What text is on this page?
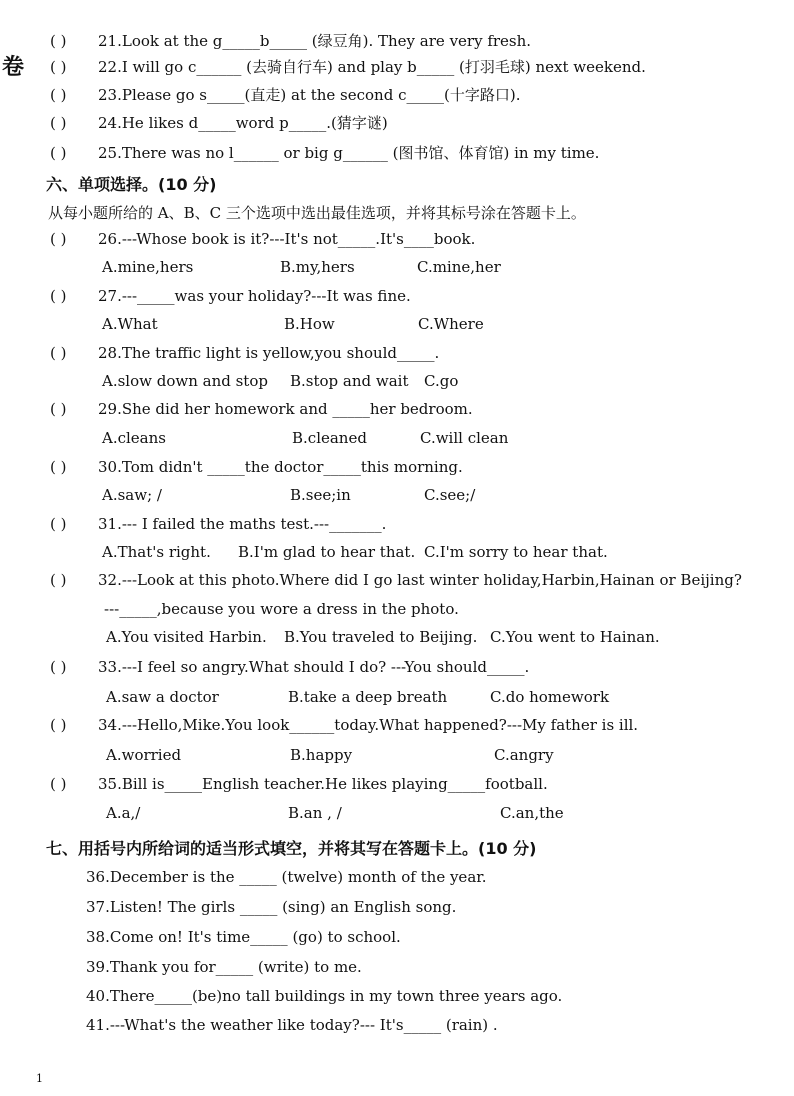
卷
( ) 21.Look at the g_____b_____ (绿豆角). They are very fresh.
( ) 22.I will go c______ (去骑自行车) and play b_____ (打羽毛球) next weekend.
( ) 23.Please go s_____(直走) at the second c_____(十字路口).
( ) 24.He likes d_____word p_____.(猜字谜)
( ) 25.There was no l______ or big g______ (图书馆、体育馆) in my time.
六、单项选择。(10 分)
从每小题所给的 A、B、C 三个选项中选出最佳选项，并将其标号涂在答题卡上。
( ) 26.---Whose book is it?---It's not_____.It's____book.
A.mine,hers	B.my,hers	C.mine,her
( ) 27.---_____was your holiday?---It was fine.
A.What	B.How	C.Where
( ) 28.The traffic light is yellow,you should_____.
A.slow down and stop B.stop and wait C.go
( ) 29.She did her homework and _____her bedroom.
A.cleans	B.cleaned	C.will clean
( ) 30.Tom didn't _____the doctor_____this morning.
A.saw; /	B.see;in	C.see;/
( ) 31.--- I failed the maths test.---_______.
A.That's right. B.I'm glad to hear that. C.I'm sorry to hear that.
( ) 32.---Look at this photo.Where did I go last winter holiday,Harbin,Hainan or Beijing?
---_____,because you wore a dress in the photo.
A.You visited Harbin. B.You traveled to Beijing. C.You went to Hainan.
( ) 33.---I feel so angry.What should I do? ---You should_____.
A.saw a doctor	B.take a deep breath	C.do homework
( ) 34.---Hello,Mike.You look______today.What happened?---My father is ill.
A.worried	B.happy	C.angry
( ) 35.Bill is_____English teacher.He likes playing_____football.
A.a,/	B.an , /	C.an,the
七、用括号内所给词的适当形式填空，并将其写在答题卡上。(10 分)
36.December is the _____ (twelve) month of the year.
37.Listen! The girls _____ (sing) an English song.
38.Come on! It's time_____ (go) to school.
39.Thank you for_____ (write) to me.
40.There_____(be)no tall buildings in my town three years ago.
41.---What's the weather like today?--- It's_____ (rain) .
1
